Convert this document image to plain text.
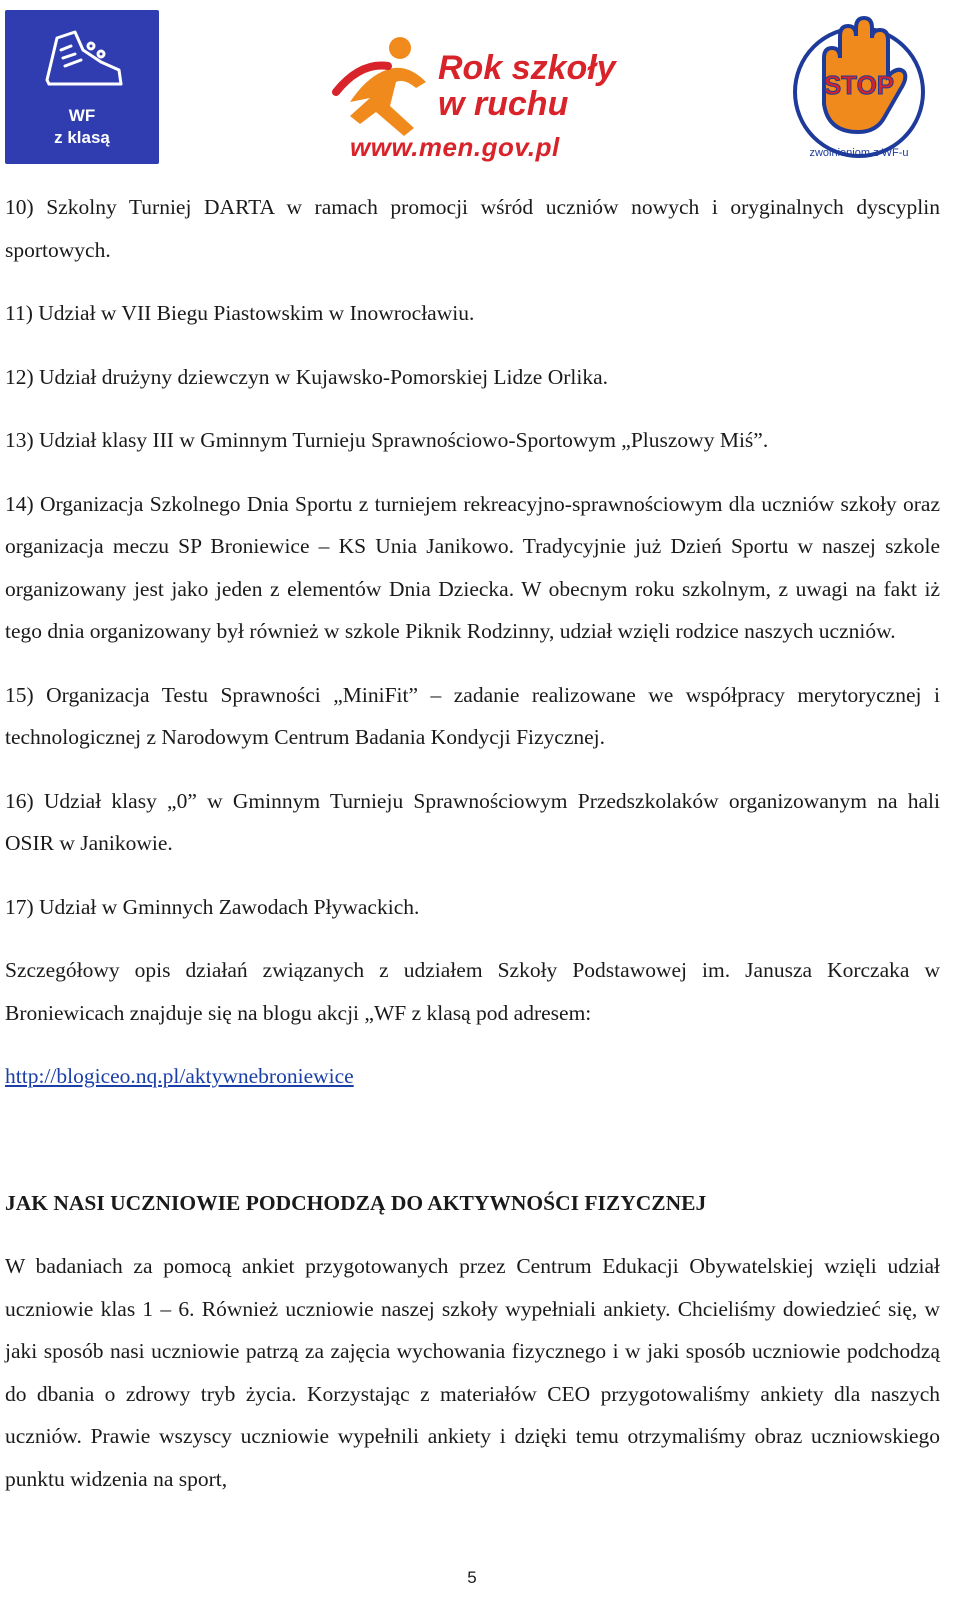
WF
z klasą
Rok szkoły w ruchu
www.men.gov.pl
STOP
zwolnieniom z WF-u

10) Szkolny Turniej DARTA w ramach promocji wśród uczniów nowych i oryginalnych dyscyplin sportowych.

11) Udział w VII Biegu Piastowskim w Inowrocławiu.

12) Udział drużyny dziewczyn w Kujawsko-Pomorskiej Lidze Orlika.

13) Udział klasy III w Gminnym Turnieju Sprawnościowo-Sportowym „Pluszowy Miś”.

14) Organizacja Szkolnego Dnia Sportu z turniejem rekreacyjno-sprawnościowym dla uczniów szkoły oraz organizacja meczu SP Broniewice – KS Unia Janikowo. Tradycyjnie już Dzień Sportu w naszej szkole organizowany jest jako jeden z elementów Dnia Dziecka. W obecnym roku szkolnym, z uwagi na fakt iż tego dnia organizowany był również w szkole Piknik Rodzinny, udział wzięli rodzice naszych uczniów.

15) Organizacja Testu Sprawności „MiniFit” – zadanie realizowane we współpracy merytorycznej i technologicznej z Narodowym Centrum Badania Kondycji Fizycznej.

16) Udział klasy „0” w Gminnym Turnieju Sprawnościowym Przedszkolaków organizowanym na hali OSIR w Janikowie.

17) Udział w Gminnych Zawodach Pływackich.

Szczegółowy opis działań związanych z udziałem Szkoły Podstawowej im. Janusza Korczaka w Broniewicach znajduje się na blogu akcji „WF z klasą pod adresem:

http://blogiceo.nq.pl/aktywnebroniewice

JAK NASI UCZNIOWIE PODCHODZĄ DO AKTYWNOŚCI FIZYCZNEJ

W badaniach za pomocą ankiet przygotowanych przez Centrum Edukacji Obywatelskiej wzięli udział uczniowie klas 1 – 6. Również uczniowie naszej szkoły wypełniali ankiety. Chcieliśmy dowiedzieć się, w jaki sposób nasi uczniowie patrzą za zajęcia wychowania fizycznego i w jaki sposób uczniowie podchodzą do dbania o zdrowy tryb życia. Korzystając z materiałów CEO przygotowaliśmy ankiety dla naszych uczniów. Prawie wszyscy uczniowie wypełnili ankiety i dzięki temu otrzymaliśmy obraz uczniowskiego punktu widzenia na sport,

5
